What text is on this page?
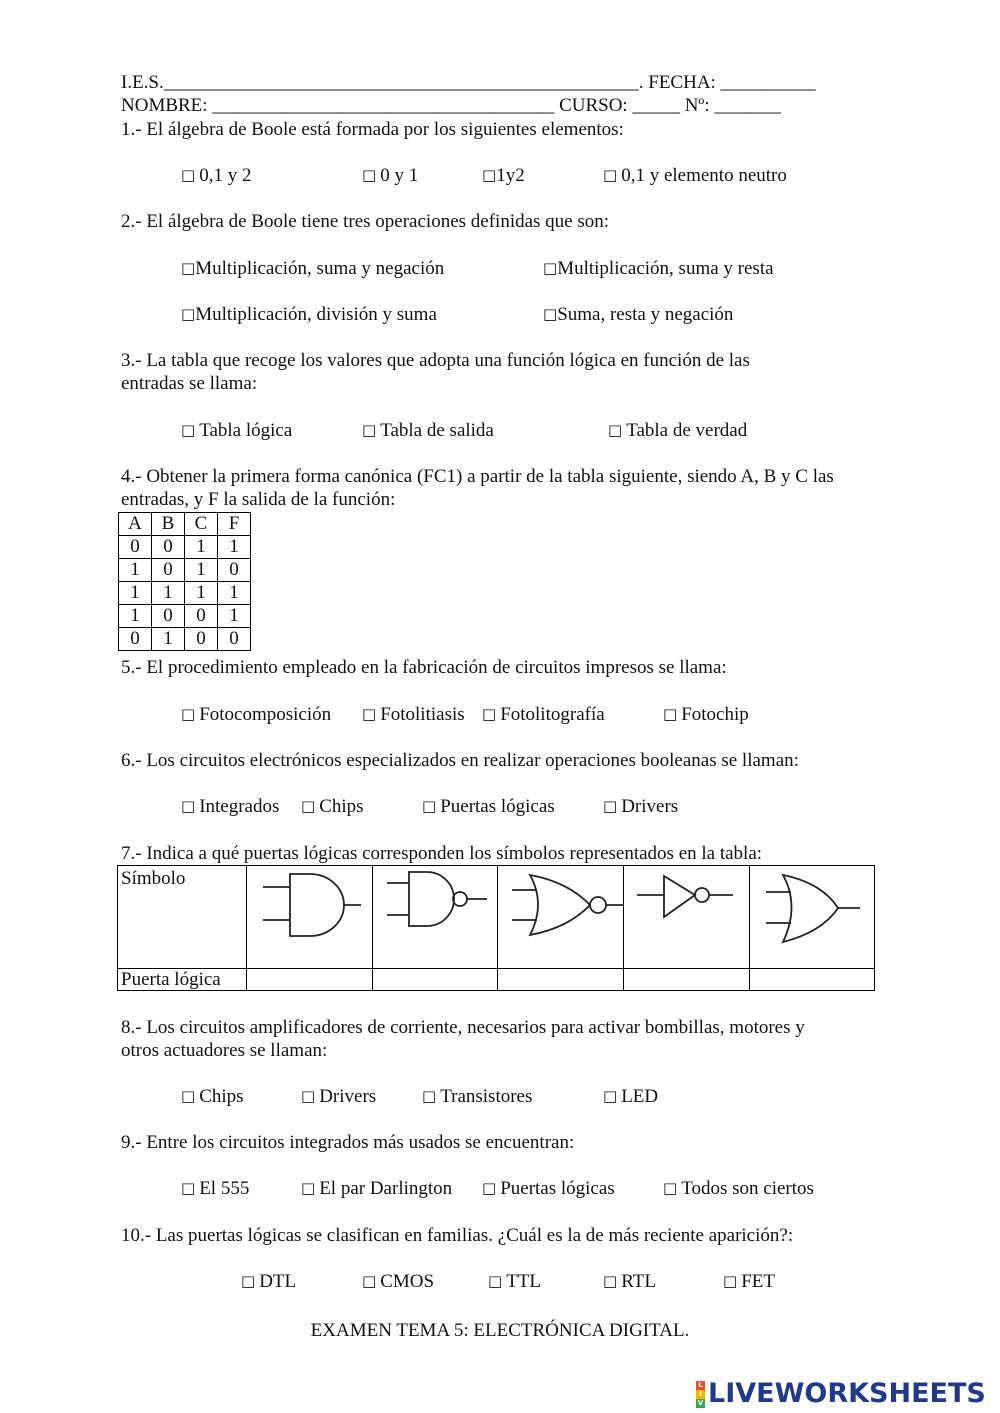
I.E.S.__________________________________________________. FECHA: __________
NOMBRE: ____________________________________ CURSO: _____ Nº: _______
1.- El álgebra de Boole está formada por los siguientes elementos:
□ 0,1 y 2	□ 0 y 1	□1y2	□ 0,1 y elemento neutro
2.- El álgebra de Boole tiene tres operaciones definidas que son:
□Multiplicación, suma y negación	□Multiplicación, suma y resta
□Multiplicación, división y suma	□Suma, resta y negación
3.- La tabla que recoge los valores que adopta una función lógica en función de las
entradas se llama:
□ Tabla lógica	□ Tabla de salida	□ Tabla de verdad
4.- Obtener la primera forma canónica (FC1) a partir de la tabla siguiente, siendo A, B y C las
entradas, y F la salida de la función:
A	B	C	F
0	0	1	1
1	0	1	0
1	1	1	1
1	0	0	1
0	1	0	0
5.- El procedimiento empleado en la fabricación de circuitos impresos se llama:
□ Fotocomposición □ Fotolitiasis □ Fotolitografía	□ Fotochip
6.- Los circuitos electrónicos especializados en realizar operaciones booleanas se llaman:
□ Integrados □ Chips	□ Puertas lógicas	□ Drivers
7.- Indica a qué puertas lógicas corresponden los símbolos representados en la tabla:
Símbolo
Puerta lógica
8.- Los circuitos amplificadores de corriente, necesarios para activar bombillas, motores y
otros actuadores se llaman:
□ Chips	□ Drivers	□ Transistores	□ LED
9.- Entre los circuitos integrados más usados se encuentran:
□ El 555	□ El par Darlington □ Puertas lógicas	□ Todos son ciertos
10.- Las puertas lógicas se clasifican en familias. ¿Cuál es la de más reciente aparición?:
□ DTL	□ CMOS	□ TTL	□ RTL	□ FET
EXAMEN TEMA 5: ELECTRÓNICA DIGITAL.
L
I
V LIVEWORKSHEETS
